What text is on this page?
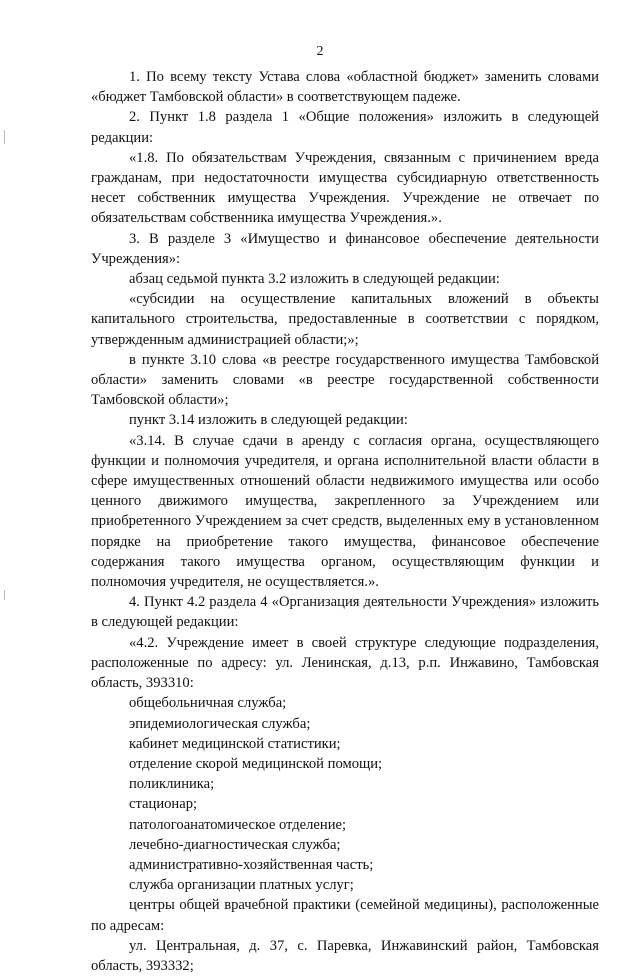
2

1. По всему тексту Устава слова «областной бюджет» заменить словами «бюджет Тамбовской области» в соответствующем падеже.

2. Пункт 1.8 раздела 1 «Общие положения» изложить в следующей редакции:

«1.8. По обязательствам Учреждения, связанным с причинением вреда гражданам, при недостаточности имущества субсидиарную ответственность несет собственник имущества Учреждения. Учреждение не отвечает по обязательствам собственника имущества Учреждения.».

3. В разделе 3 «Имущество и финансовое обеспечение деятельности Учреждения»:

абзац седьмой пункта 3.2 изложить в следующей редакции:

«субсидии на осуществление капитальных вложений в объекты капитального строительства, предоставленные в соответствии с порядком, утвержденным администрацией области;»;

в пункте 3.10 слова «в реестре государственного имущества Тамбовской области» заменить словами «в реестре государственной собственности Тамбовской области»;

пункт 3.14 изложить в следующей редакции:

«3.14. В случае сдачи в аренду с согласия органа, осуществляющего функции и полномочия учредителя, и органа исполнительной власти области в сфере имущественных отношений области недвижимого имущества или особо ценного движимого имущества, закрепленного за Учреждением или приобретенного Учреждением за счет средств, выделенных ему в установленном порядке на приобретение такого имущества, финансовое обеспечение содержания такого имущества органом, осуществляющим функции и полномочия учредителя, не осуществляется.».

4. Пункт 4.2 раздела 4 «Организация деятельности Учреждения» изложить в следующей редакции:

«4.2. Учреждение имеет в своей структуре следующие подразделения, расположенные по адресу: ул. Ленинская, д.13, р.п. Инжавино, Тамбовская область, 393310:

общебольничная служба;

эпидемиологическая служба;

кабинет медицинской статистики;

отделение скорой медицинской помощи;

поликлиника;

стационар;

патологоанатомическое отделение;

лечебно-диагностическая служба;

административно-хозяйственная часть;

служба организации платных услуг;

центры общей врачебной практики (семейной медицины), расположенные по адресам:

ул. Центральная, д. 37, с. Паревка, Инжавинский район, Тамбовская область, 393332;
